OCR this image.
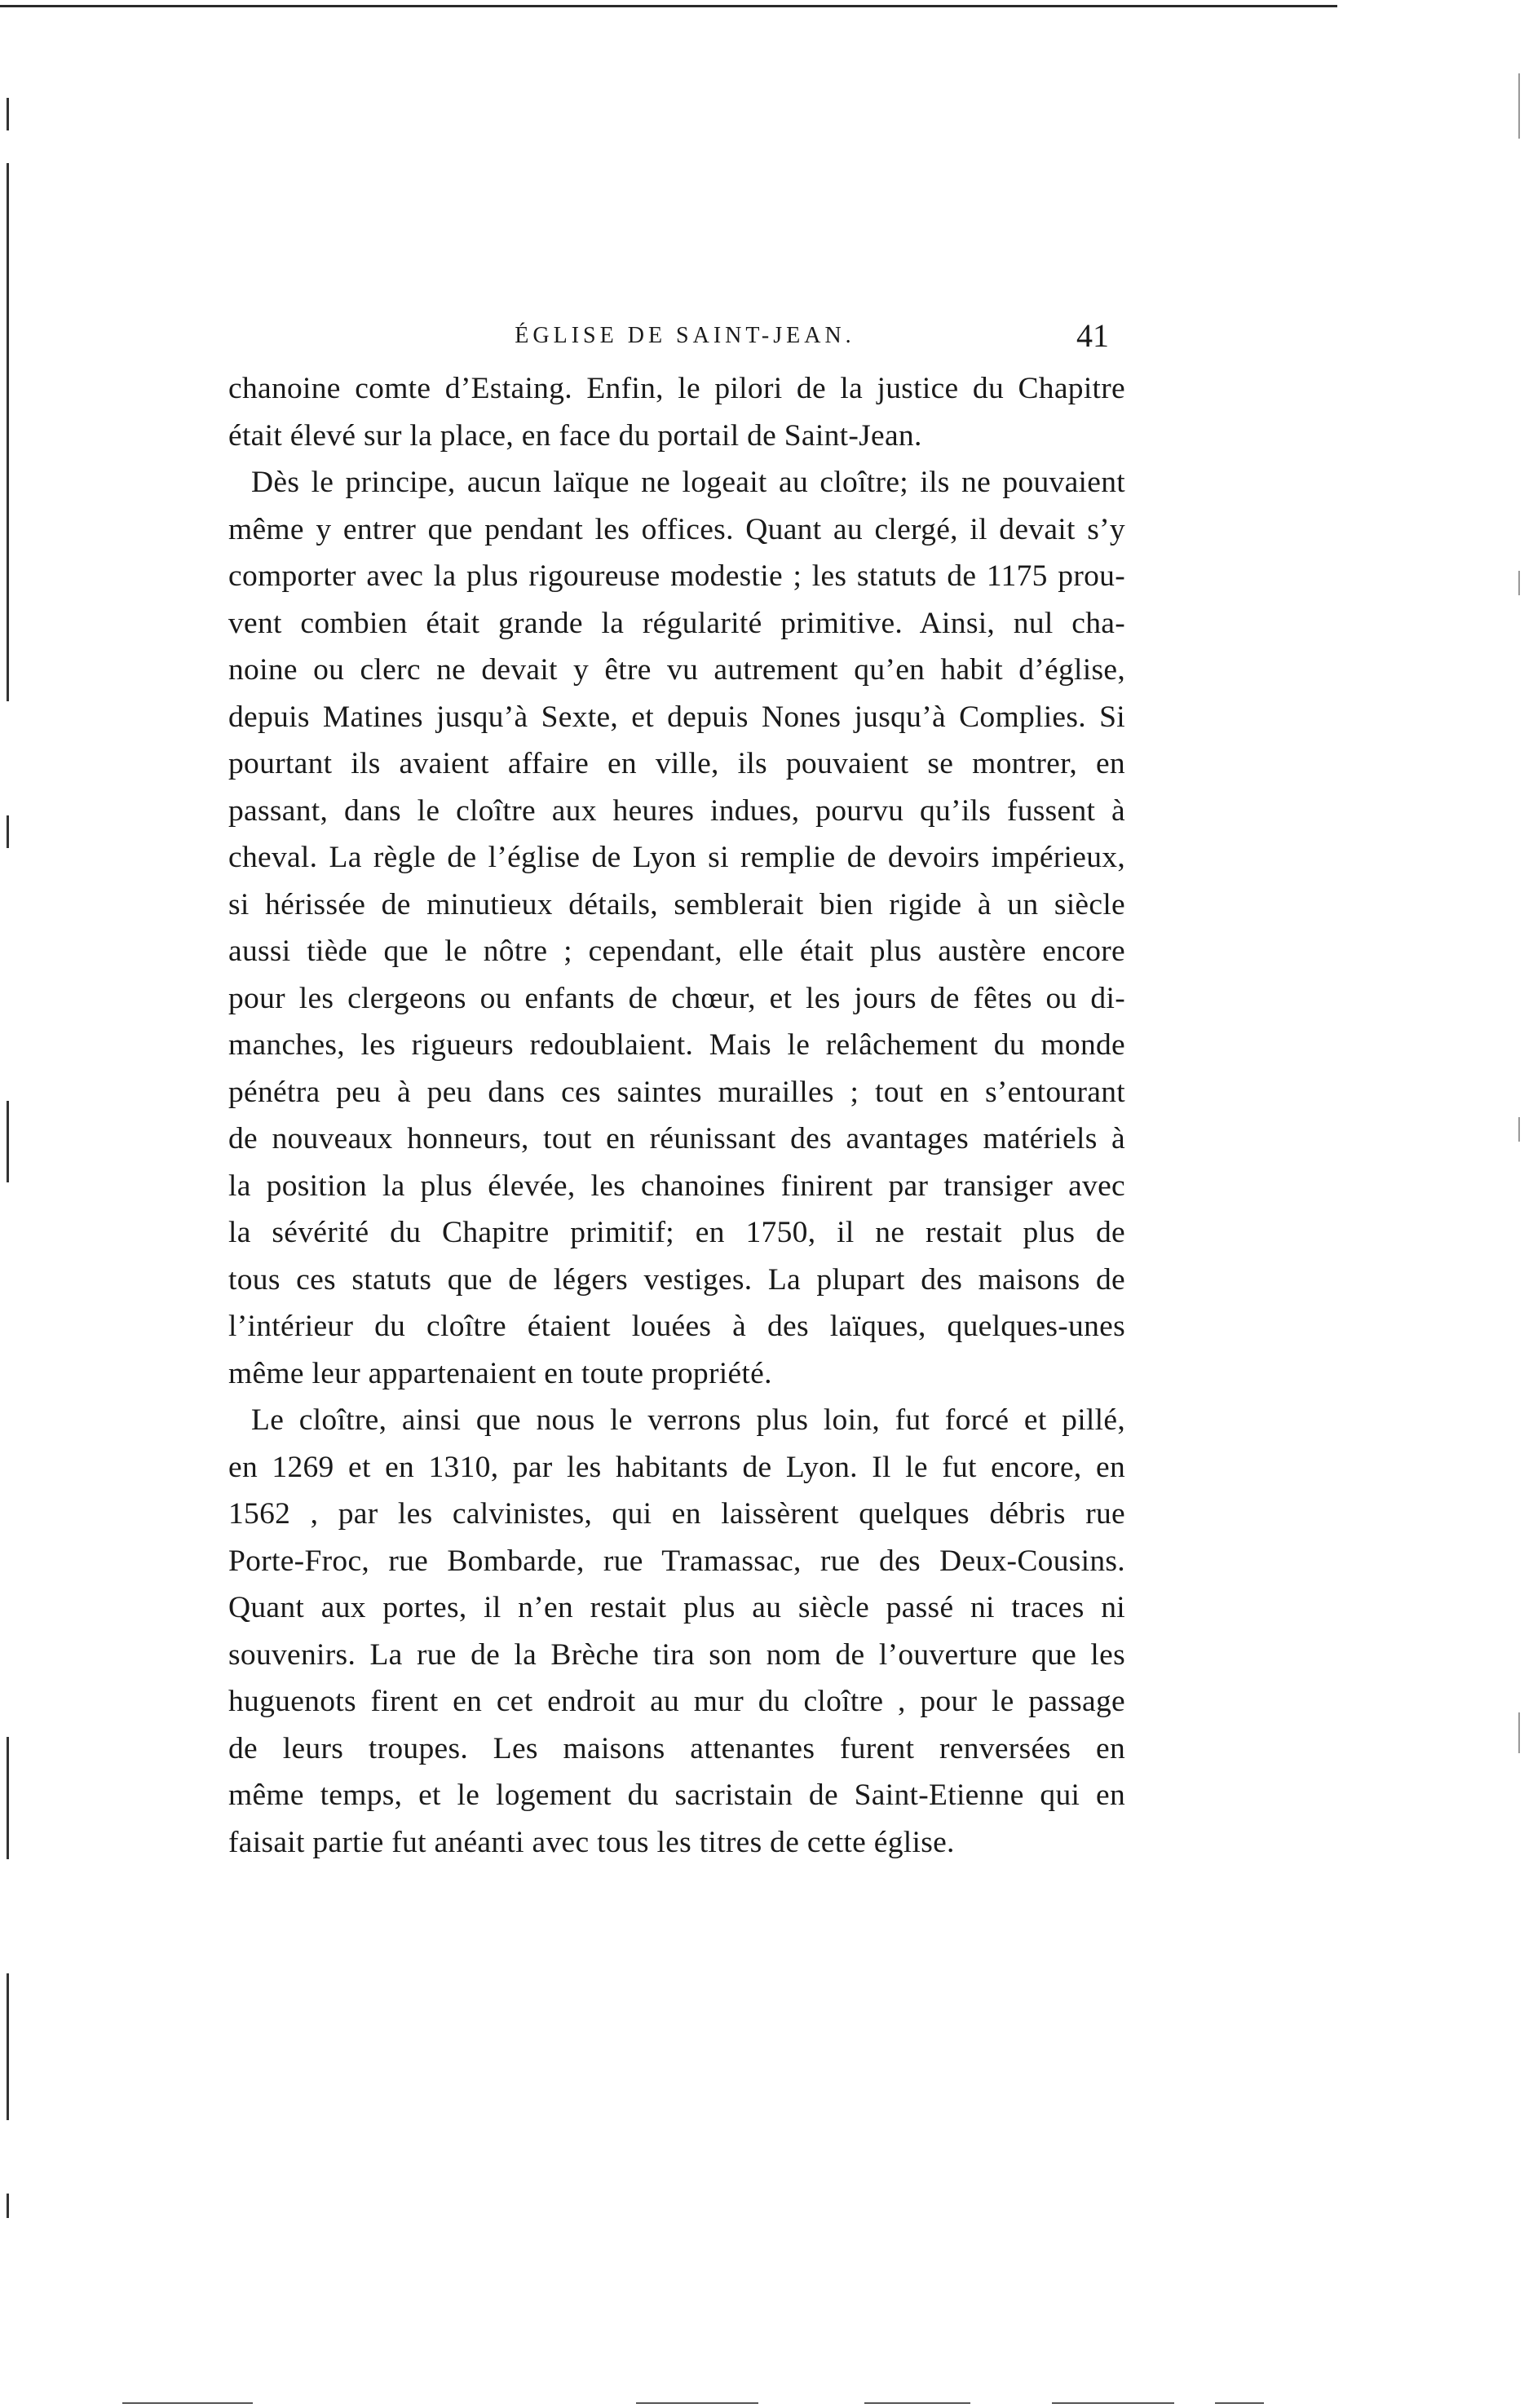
ÉGLISE DE SAINT-JEAN.	41
chanoine comte d’Estaing. Enfin, le pilori de la justice du Chapitre
était élevé sur la place, en face du portail de Saint-Jean.
Dès le principe, aucun laïque ne logeait au cloître; ils ne pouvaient
même y entrer que pendant les offices. Quant au clergé, il devait s’y
comporter avec la plus rigoureuse modestie ; les statuts de 1175 prou-
vent combien était grande la régularité primitive. Ainsi, nul cha-
noine ou clerc ne devait y être vu autrement qu’en habit d’église,
depuis Matines jusqu’à Sexte, et depuis Nones jusqu’à Complies. Si
pourtant ils avaient affaire en ville, ils pouvaient se montrer, en
passant, dans le cloître aux heures indues, pourvu qu’ils fussent à
cheval. La règle de l’église de Lyon si remplie de devoirs impérieux,
si hérissée de minutieux détails, semblerait bien rigide à un siècle
aussi tiède que le nôtre ; cependant, elle était plus austère encore
pour les clergeons ou enfants de chœur, et les jours de fêtes ou di-
manches, les rigueurs redoublaient. Mais le relâchement du monde
pénétra peu à peu dans ces saintes murailles ; tout en s’entourant
de nouveaux honneurs, tout en réunissant des avantages matériels à
la position la plus élevée, les chanoines finirent par transiger avec
la sévérité du Chapitre primitif; en 1750, il ne restait plus de
tous ces statuts que de légers vestiges. La plupart des maisons de
l’intérieur du cloître étaient louées à des laïques, quelques-unes
même leur appartenaient en toute propriété.
Le cloître, ainsi que nous le verrons plus loin, fut forcé et pillé,
en 1269 et en 1310, par les habitants de Lyon. Il le fut encore, en
1562 , par les calvinistes, qui en laissèrent quelques débris rue
Porte-Froc, rue Bombarde, rue Tramassac, rue des Deux-Cousins.
Quant aux portes, il n’en restait plus au siècle passé ni traces ni
souvenirs. La rue de la Brèche tira son nom de l’ouverture que les
huguenots firent en cet endroit au mur du cloître , pour le passage
de leurs troupes. Les maisons attenantes furent renversées en
même temps, et le logement du sacristain de Saint-Etienne qui en
faisait partie fut anéanti avec tous les titres de cette église.
